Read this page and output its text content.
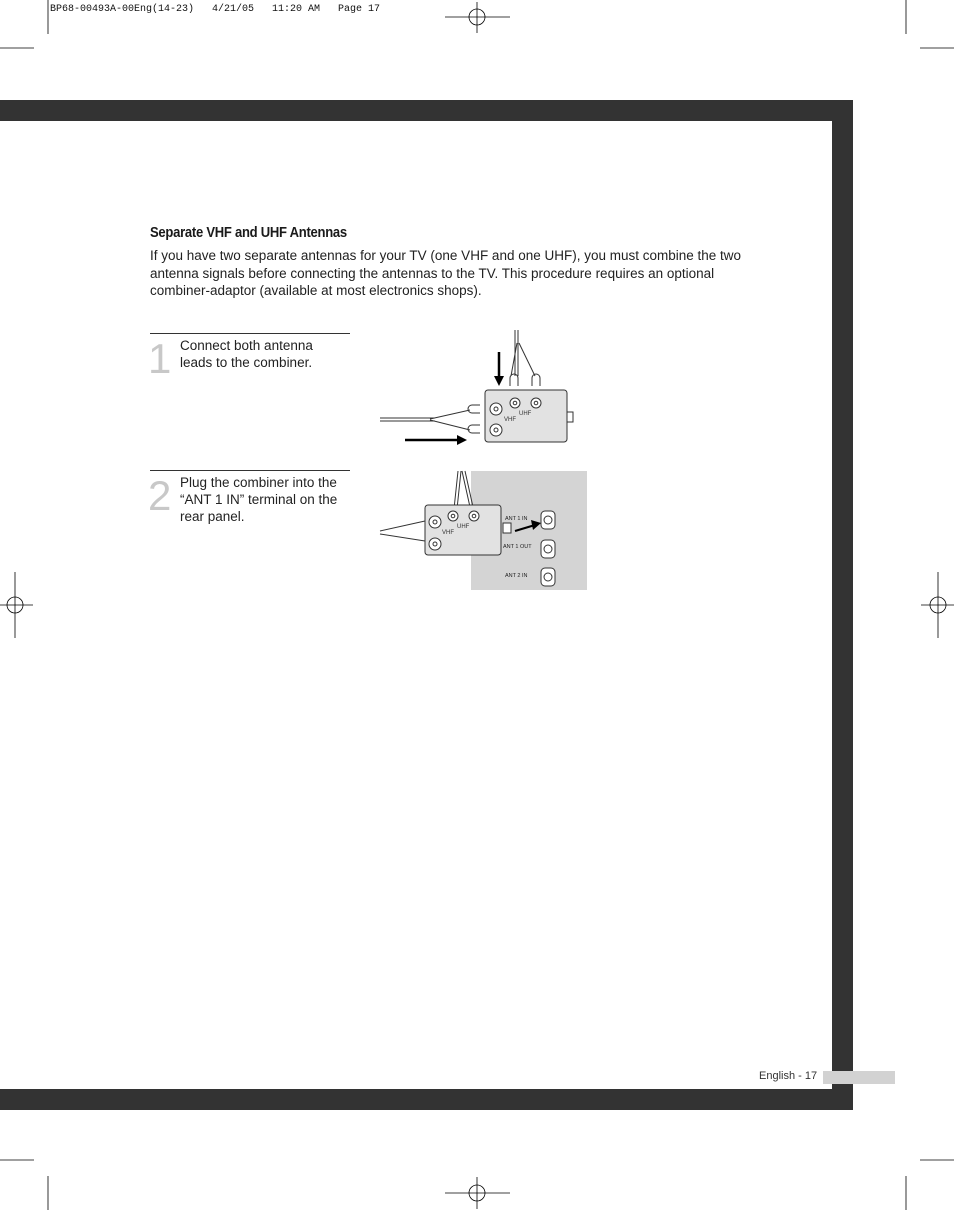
BP68-00493A-00Eng(14-23)   4/21/05   11:20 AM   Page 17
Separate VHF and UHF Antennas
If you have two separate antennas for your TV (one VHF and one UHF), you must combine the two antenna signals before connecting the antennas to the TV. This procedure requires an optional combiner-adaptor (available at most electronics shops).
1 Connect both antenna leads to the combiner.
2 Plug the combiner into the “ANT 1 IN” terminal on the rear panel.
UHF
VHF
UHF
VHF
ANT 1 IN
ANT 1 OUT
ANT 2 IN
English - 17
